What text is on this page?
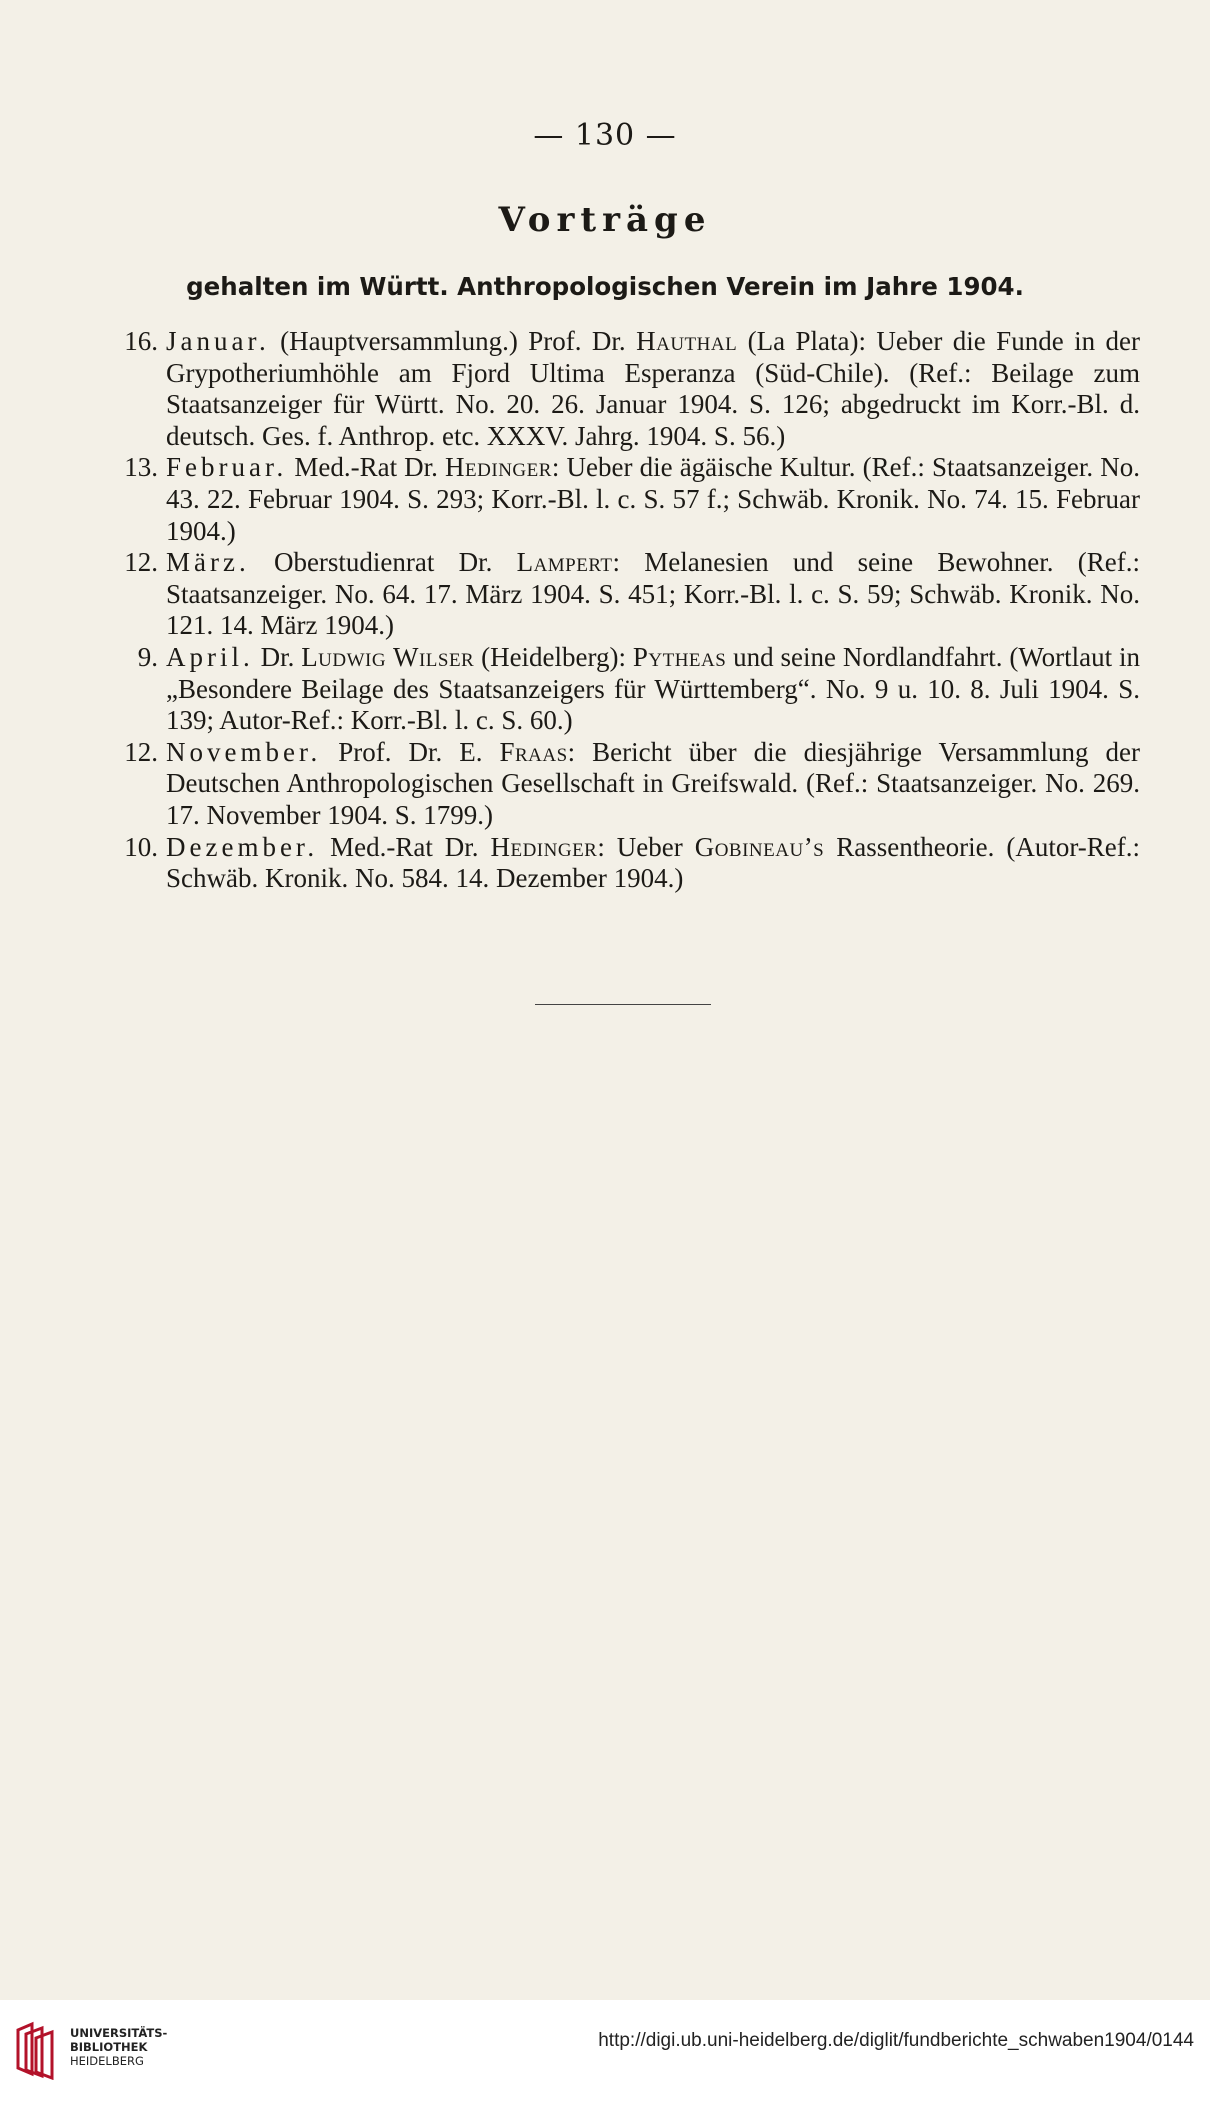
— 130 —
Vorträge
gehalten im Württ. Anthropologischen Verein im Jahre 1904.
16. Januar. (Hauptversammlung.) Prof. Dr. Hauthal (La Plata): Ueber die Funde in der Grypotheriumhöhle am Fjord Ultima Esperanza (Süd-Chile). (Ref.: Beilage zum Staatsanzeiger für Württ. No. 20. 26. Januar 1904. S. 126; abgedruckt im Korr.-Bl. d. deutsch. Ges. f. Anthrop. etc. XXXV. Jahrg. 1904. S. 56.)
13. Februar. Med.-Rat Dr. Hedinger: Ueber die ägäische Kultur. (Ref.: Staatsanzeiger. No. 43. 22. Februar 1904. S. 293; Korr.-Bl. l. c. S. 57 f.; Schwäb. Kronik. No. 74. 15. Februar 1904.)
12. März. Oberstudienrat Dr. Lampert: Melanesien und seine Bewohner. (Ref.: Staatsanzeiger. No. 64. 17. März 1904. S. 451; Korr.-Bl. l. c. S. 59; Schwäb. Kronik. No. 121. 14. März 1904.)
9. April. Dr. Ludwig Wilser (Heidelberg): Pytheas und seine Nordlandfahrt. (Wortlaut in „Besondere Beilage des Staatsanzeigers für Württemberg“. No. 9 u. 10. 8. Juli 1904. S. 139; Autor-Ref.: Korr.-Bl. l. c. S. 60.)
12. November. Prof. Dr. E. Fraas: Bericht über die diesjährige Versammlung der Deutschen Anthropologischen Gesellschaft in Greifswald. (Ref.: Staatsanzeiger. No. 269. 17. November 1904. S. 1799.)
10. Dezember. Med.-Rat Dr. Hedinger: Ueber Gobineau’s Rassentheorie. (Autor-Ref.: Schwäb. Kronik. No. 584. 14. Dezember 1904.)
UNIVERSITÄTS-
BIBLIOTHEK
HEIDELBERG
http://digi.ub.uni-heidelberg.de/diglit/fundberichte_schwaben1904/0144
